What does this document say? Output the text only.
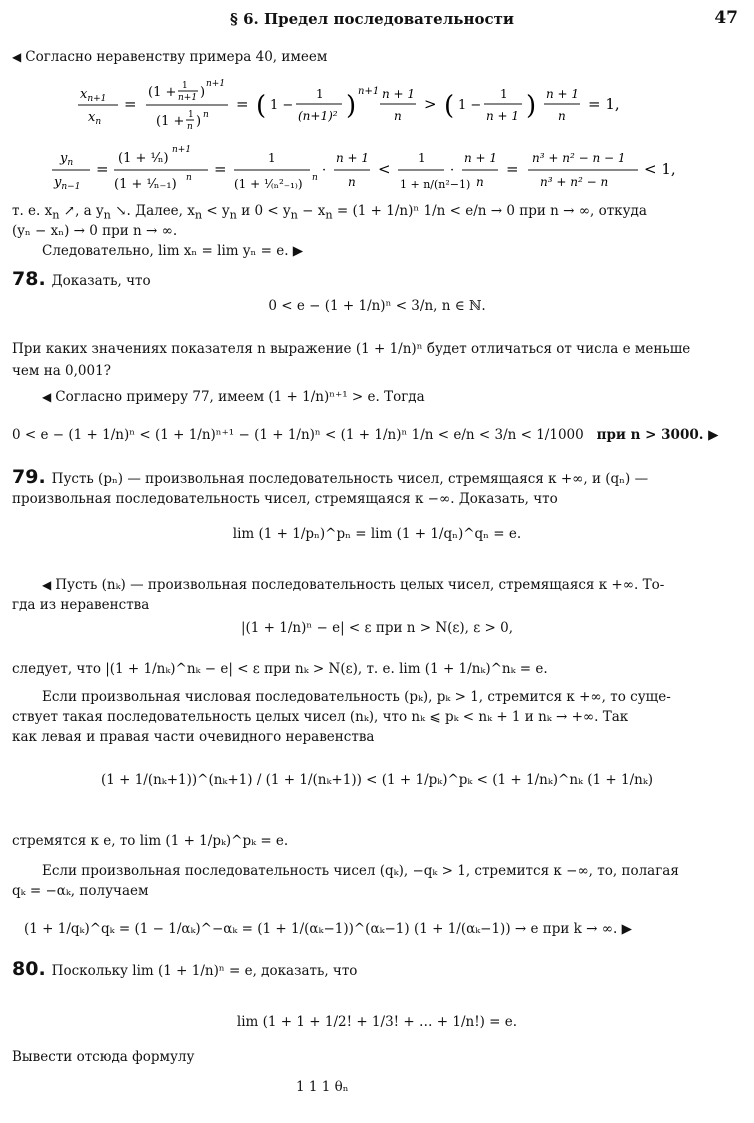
§ 6. Предел последовательности	47
◀ Согласно неравенству примера 40, имеем
$x_{n+1}$
$x_n$
=
(1 + 1
n+1 )
n+1
(1 + 1
n ) n
= ( 1 −
1
(n+1)² ) n+1 n + 1
n
> ( 1 −
1
n + 1 ) n + 1
n
= 1,
$y_n$
$y_{n-1}$
=
(1 + ¹⁄ₙ)
n+1
(1 + ¹⁄ₙ₋₁) n =
1
(1 + ¹⁄₍ₙ²₋₁₎) n ·
n + 1
n
<
1
1 + n/(n²−1)
·
n + 1
n
=
n³ + n² − n − 1
n³ + n² − n
< 1,
т. е. $x_n$ ↗, а $y_n$ ↘. Далее, $x_n < y_n$ и $0 < y_n - x_n = (1 + 1/n)^n$ 1/n < e/n → 0 при n → ∞, откуда
(yₙ − xₙ) → 0 при n → ∞.
Следовательно, lim xₙ = lim yₙ = e. ▶
78. Доказать, что
0 < e − (1 + 1/n)ⁿ < 3/n, n ∈ ℕ.
При каких значениях показателя n выражение (1 + 1/n)ⁿ будет отличаться от числа e меньше
чем на 0,001?
◀ Согласно примеру 77, имеем (1 + 1/n)ⁿ⁺¹ > e. Тогда
0 < e − (1 + 1/n)ⁿ < (1 + 1/n)ⁿ⁺¹ − (1 + 1/n)ⁿ < (1 + 1/n)ⁿ 1/n < e/n < 3/n < 1/1000 при n > 3000. ▶
79. Пусть (pₙ) — произвольная последовательность чисел, стремящаяся к +∞, и (qₙ) —
произвольная последовательность чисел, стремящаяся к −∞. Доказать, что
lim (1 + 1/pₙ)^pₙ = lim (1 + 1/qₙ)^qₙ = e.
◀ Пусть (nₖ) — произвольная последовательность целых чисел, стремящаяся к +∞. То-
гда из неравенства
|(1 + 1/n)ⁿ − e| < ε при n > N(ε), ε > 0,
следует, что |(1 + 1/nₖ)^nₖ − e| < ε при nₖ > N(ε), т. е. lim (1 + 1/nₖ)^nₖ = e.
Если произвольная числовая последовательность (pₖ), pₖ > 1, стремится к +∞, то суще-
ствует такая последовательность целых чисел (nₖ), что nₖ ⩽ pₖ < nₖ + 1 и nₖ → +∞. Так
как левая и правая части очевидного неравенства
(1 + 1/(nₖ+1))^(nₖ+1) / (1 + 1/(nₖ+1)) < (1 + 1/pₖ)^pₖ < (1 + 1/nₖ)^nₖ (1 + 1/nₖ)
стремятся к e, то lim (1 + 1/pₖ)^pₖ = e.
Если произвольная последовательность чисел (qₖ), −qₖ > 1, стремится к −∞, то, полагая
qₖ = −αₖ, получаем
(1 + 1/qₖ)^qₖ = (1 − 1/αₖ)^−αₖ = (1 + 1/(αₖ−1))^(αₖ−1) (1 + 1/(αₖ−1)) → e при k → ∞. ▶
80. Поскольку lim (1 + 1/n)ⁿ = e, доказать, что
lim (1 + 1 + 1/2! + 1/3! + … + 1/n!) = e.
Вывести отсюда формулу
1 1 1 θₙ
